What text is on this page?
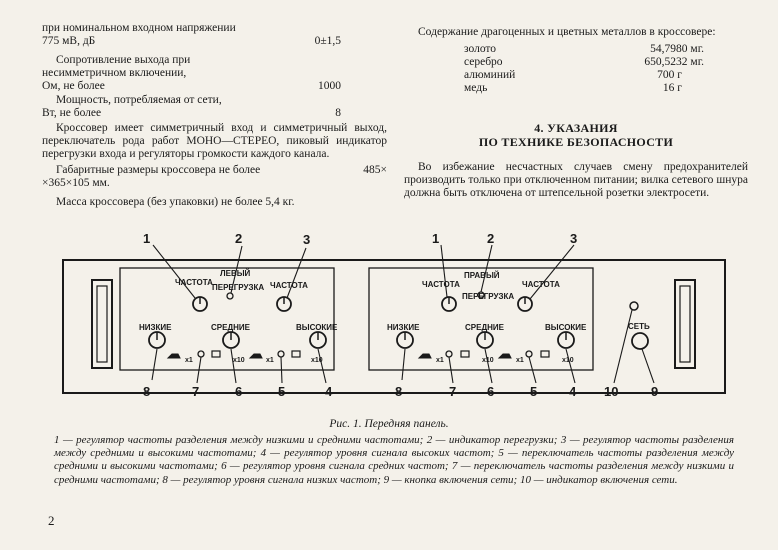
при номинальном входном напряжении
775 мВ, дБ	0±1,5
Сопротивление выхода при
несимметричном включении,
Ом, не более	1000
Мощность, потребляемая от сети,
Вт, не более	8
Кроссовер имеет симметричный вход и симметричный выход, переключатель рода работ МОНО—СТЕРЕО, пиковый индикатор перегрузки входа и регуляторы громкости каждого канала.
Габаритные размеры кроссовера не более	485×
×365×105 мм.
Масса кроссовера (без упаковки) не более 5,4 кг.
Содержание драгоценных и цветных металлов в кроссовере:
золото	54,7980 мг.
серебро	650,5232 мг.
алюминий	700 г
медь	16 г
4. УКАЗАНИЯ
ПО ТЕХНИКЕ БЕЗОПАСНОСТИ
Во избежание несчастных случаев смену предохранителей производить только при отключенном питании; вилка сетевого шнура должна быть отключена от штепсельной розетки электросети.
ЛЕВЫЙ
ПЕРЕГРУЗКА
ЧАСТОТА	ЧАСТОТА
НИЗКИЕ	СРЕДНИЕ	ВЫСОКИЕ
x1	x10	x1	x10
ПРАВЫЙ
ПЕРЕГРУЗКА
ЧАСТОТА	ЧАСТОТА
НИЗКИЕ	СРЕДНИЕ	ВЫСОКИЕ
x1	x10	x1	x10
СЕТЬ
1	2	3
8	7	6	5	4
1	2	3
8	7 6	5 4 10	9
Рис. 1. Передняя панель.
1 — регулятор частоты разделения между низкими и средними частотами; 2 — индикатор перегрузки; 3 — регулятор частоты разделения между средними и высокими частотами; 4 — регулятор уровня сигнала высоких частот; 5 — переключатель частоты разделения между средними и высокими частотами; 6 — регулятор уровня сигнала средних частот; 7 — переключатель частоты разделения между низкими и средними частотами; 8 — регулятор уровня сигнала низких частот; 9 — кнопка включения сети; 10 — индикатор включения сети.
2
